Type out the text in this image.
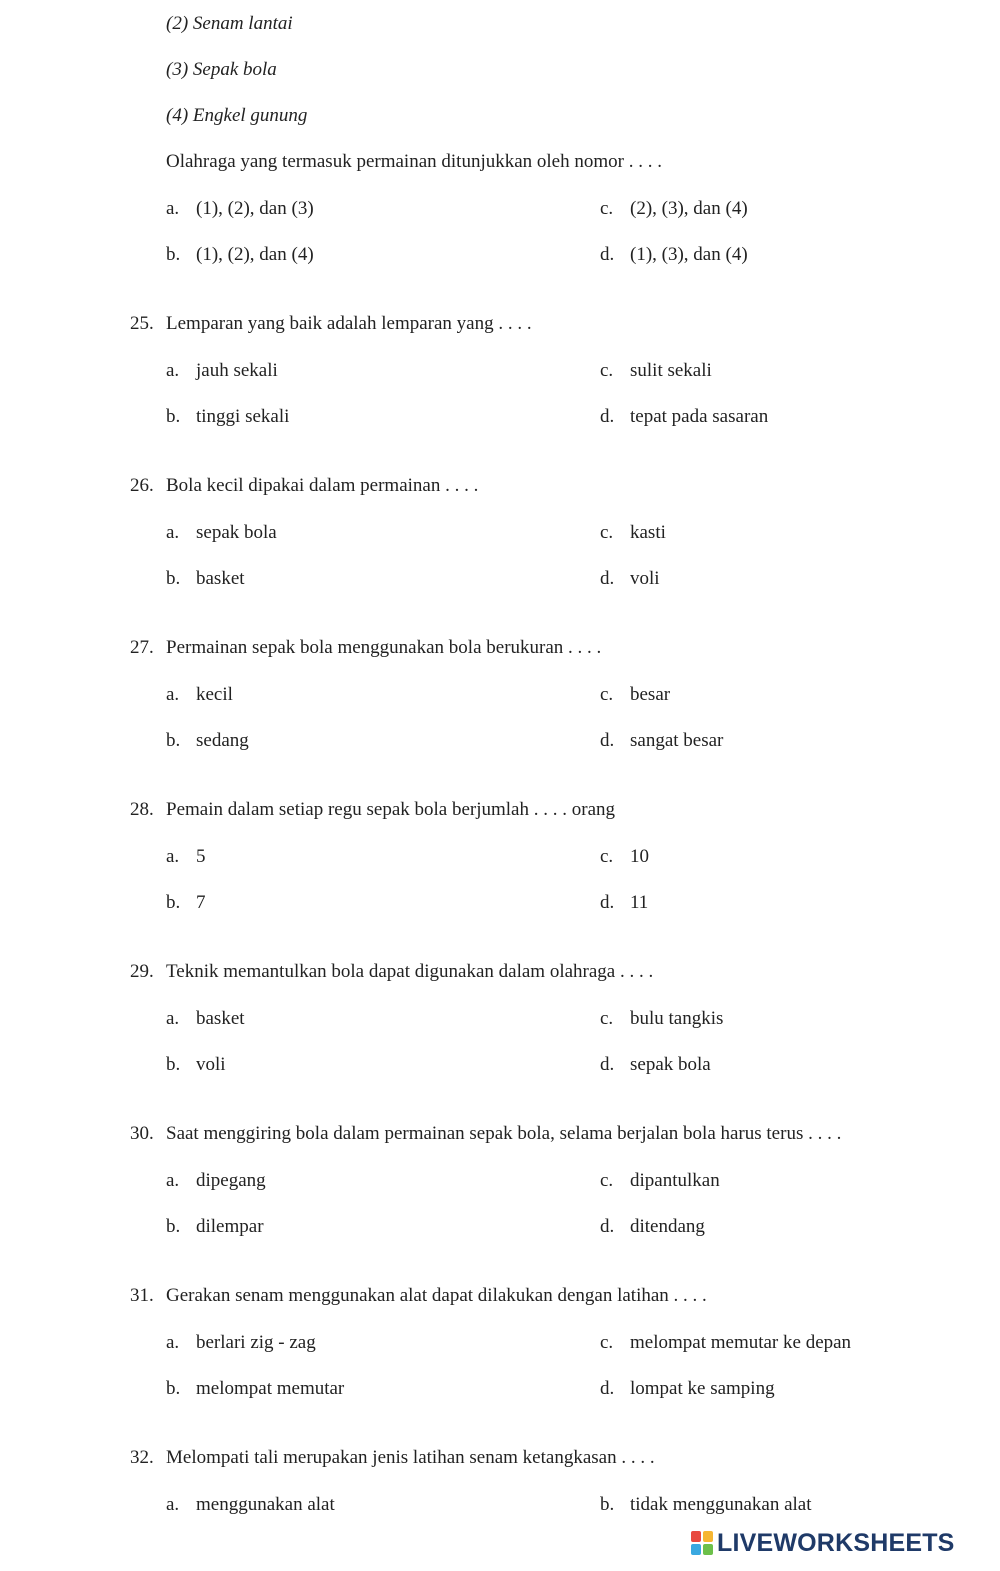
(2) Senam lantai
(3) Sepak bola
(4) Engkel gunung
Olahraga yang termasuk permainan ditunjukkan oleh nomor . . . .
a. (1), (2), dan (3)	c. (2), (3), dan (4)
b. (1), (2), dan (4)	d. (1), (3), dan (4)
25. Lemparan yang baik adalah lemparan yang . . . .
a. jauh sekali	c. sulit sekali
b. tinggi sekali	d. tepat pada sasaran
26. Bola kecil dipakai dalam permainan . . . .
a. sepak bola	c. kasti
b. basket	d. voli
27. Permainan sepak bola menggunakan bola berukuran . . . .
a. kecil	c. besar
b. sedang	d. sangat besar
28. Pemain dalam setiap regu sepak bola berjumlah . . . . orang
a. 5	c. 10
b. 7	d. 11
29. Teknik memantulkan bola dapat digunakan dalam olahraga . . . .
a. basket	c. bulu tangkis
b. voli	d. sepak bola
30. Saat menggiring bola dalam permainan sepak bola, selama berjalan bola harus terus . . . .
a. dipegang	c. dipantulkan
b. dilempar	d. ditendang
31. Gerakan senam menggunakan alat dapat dilakukan dengan latihan . . . .
a. berlari zig - zag	c. melompat memutar ke depan
b. melompat memutar	d. lompat ke samping
32. Melompati tali merupakan jenis latihan senam ketangkasan . . . .
a. menggunakan alat	b. tidak menggunakan alat
LIVEWORKSHEETS
